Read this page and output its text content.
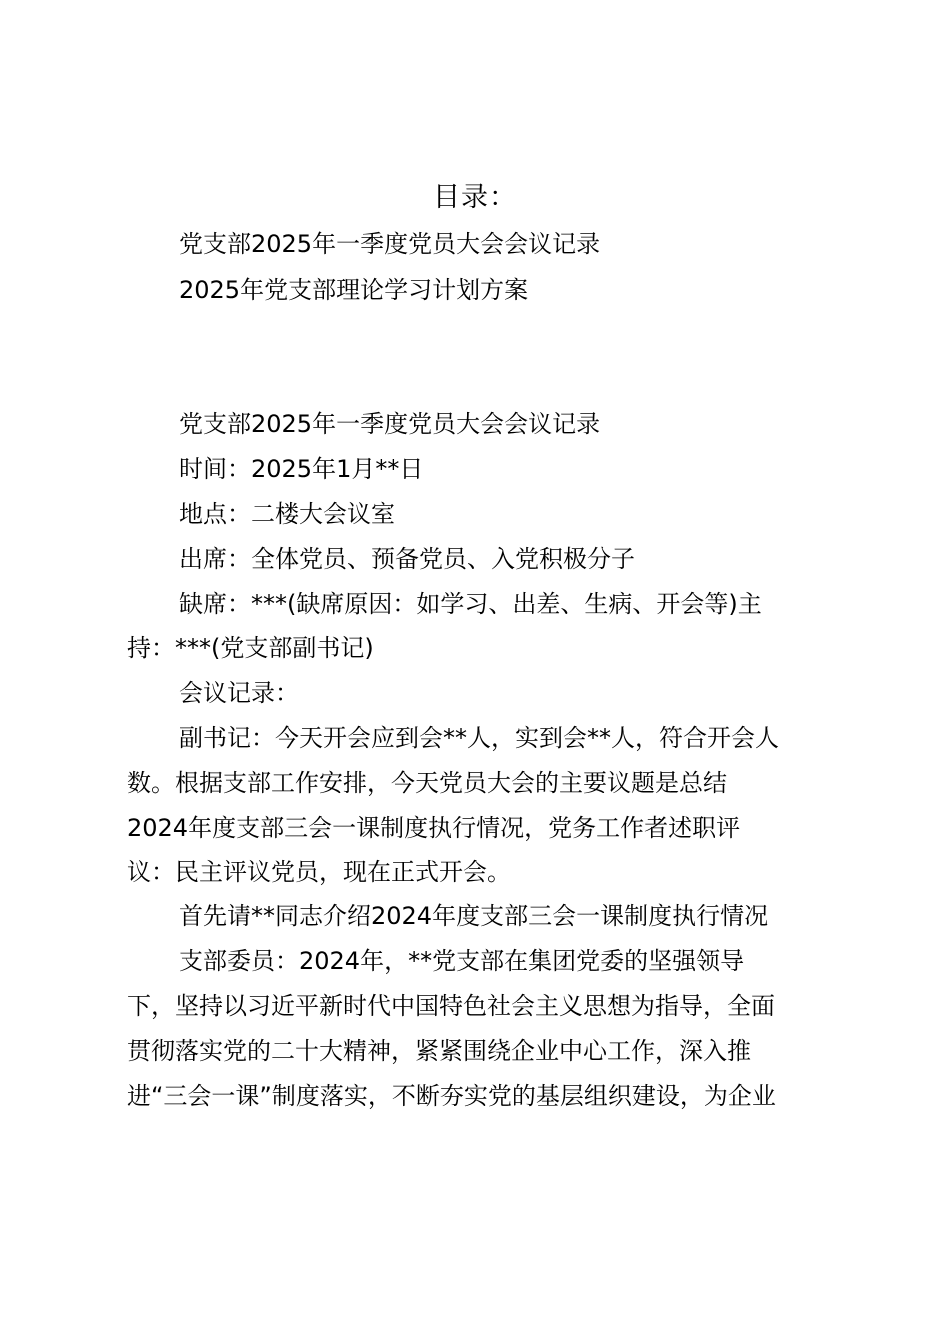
目录：
党支部2025年一季度党员大会会议记录
2025年党支部理论学习计划方案
党支部2025年一季度党员大会会议记录
时间：2025年1月**日
地点：二楼大会议室
出席：全体党员、预备党员、入党积极分子
缺席：***(缺席原因：如学习、出差、生病、开会等)主
持：***(党支部副书记)
会议记录：
副书记：今天开会应到会**人，实到会**人，符合开会人
数。根据支部工作安排，今天党员大会的主要议题是总结
2024年度支部三会一课制度执行情况，党务工作者述职评
议：民主评议党员，现在正式开会。
首先请**同志介绍2024年度支部三会一课制度执行情况
支部委员：2024年，**党支部在集团党委的坚强领导
下，坚持以习近平新时代中国特色社会主义思想为指导，全面
贯彻落实党的二十大精神，紧紧围绕企业中心工作，深入推
进“三会一课”制度落实，不断夯实党的基层组织建设，为企业
